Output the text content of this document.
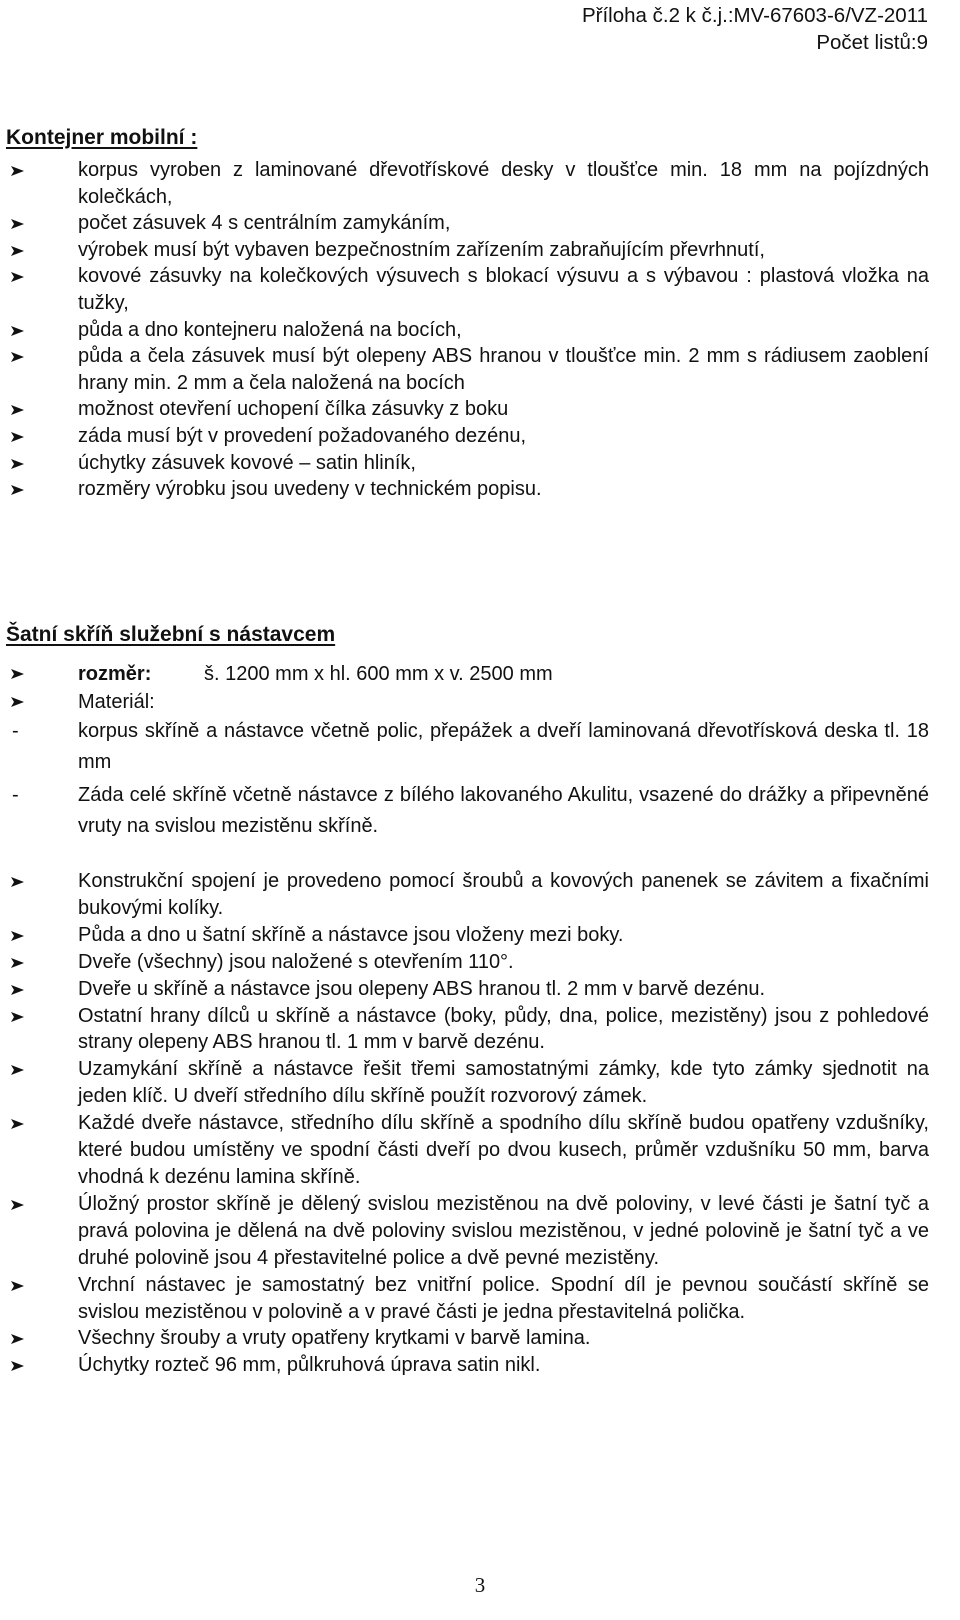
Příloha č.2 k č.j.:MV-67603-6/VZ-2011
Počet listů:9
Kontejner mobilní :
korpus vyroben z laminované dřevotřískové desky v tloušťce min. 18 mm na pojízdných kolečkách,
počet zásuvek 4 s centrálním zamykáním,
výrobek musí být vybaven bezpečnostním zařízením zabraňujícím převrhnutí,
kovové zásuvky na kolečkových výsuvech s blokací výsuvu a s výbavou : plastová vložka na tužky,
půda a dno kontejneru naložená na bocích,
půda a čela zásuvek musí být olepeny ABS hranou v tloušťce min. 2 mm s rádiusem zaoblení hrany min. 2 mm a čela naložená na bocích
možnost otevření uchopení čílka zásuvky z boku
záda musí být v provedení požadovaného dezénu,
úchytky zásuvek kovové – satin hliník,
rozměry výrobku jsou uvedeny v technickém popisu.
Šatní skříň služební s nástavcem
rozměr:	š. 1200 mm x hl. 600 mm x v. 2500 mm
Materiál:
-	korpus skříně a nástavce včetně polic, přepážek a dveří laminovaná dřevotřísková deska tl. 18 mm
-	Záda celé skříně včetně nástavce z bílého lakovaného Akulitu, vsazené do drážky a připevněné vruty na svislou mezistěnu skříně.
Konstrukční spojení je provedeno pomocí šroubů a kovových panenek se závitem a fixačními bukovými kolíky.
Půda a dno u šatní skříně a nástavce jsou vloženy mezi boky.
Dveře (všechny) jsou naložené s otevřením 110°.
Dveře u skříně a nástavce jsou olepeny ABS hranou tl. 2 mm v barvě dezénu.
Ostatní hrany dílců u skříně a nástavce (boky, půdy, dna, police, mezistěny) jsou z pohledové strany olepeny ABS hranou tl. 1 mm v barvě dezénu.
Uzamykání skříně a nástavce řešit třemi samostatnými zámky, kde tyto zámky sjednotit na jeden klíč. U dveří středního dílu skříně použít rozvorový zámek.
Každé dveře nástavce, středního dílu skříně a spodního dílu skříně budou opatřeny vzdušníky, které budou umístěny ve spodní části dveří po dvou kusech, průměr vzdušníku 50 mm, barva vhodná k dezénu lamina skříně.
Úložný prostor skříně je dělený svislou mezistěnou na dvě poloviny, v levé části je šatní tyč a pravá polovina je dělená na dvě poloviny svislou mezistěnou, v jedné polovině je šatní tyč a ve druhé polovině jsou 4 přestavitelné police a dvě pevné mezistěny.
Vrchní nástavec je samostatný bez vnitřní police. Spodní díl je pevnou součástí skříně se svislou mezistěnou v polovině a v pravé části je jedna přestavitelná polička.
Všechny šrouby a vruty opatřeny krytkami v barvě lamina.
Úchytky rozteč 96 mm, půlkruhová úprava satin nikl.
3
